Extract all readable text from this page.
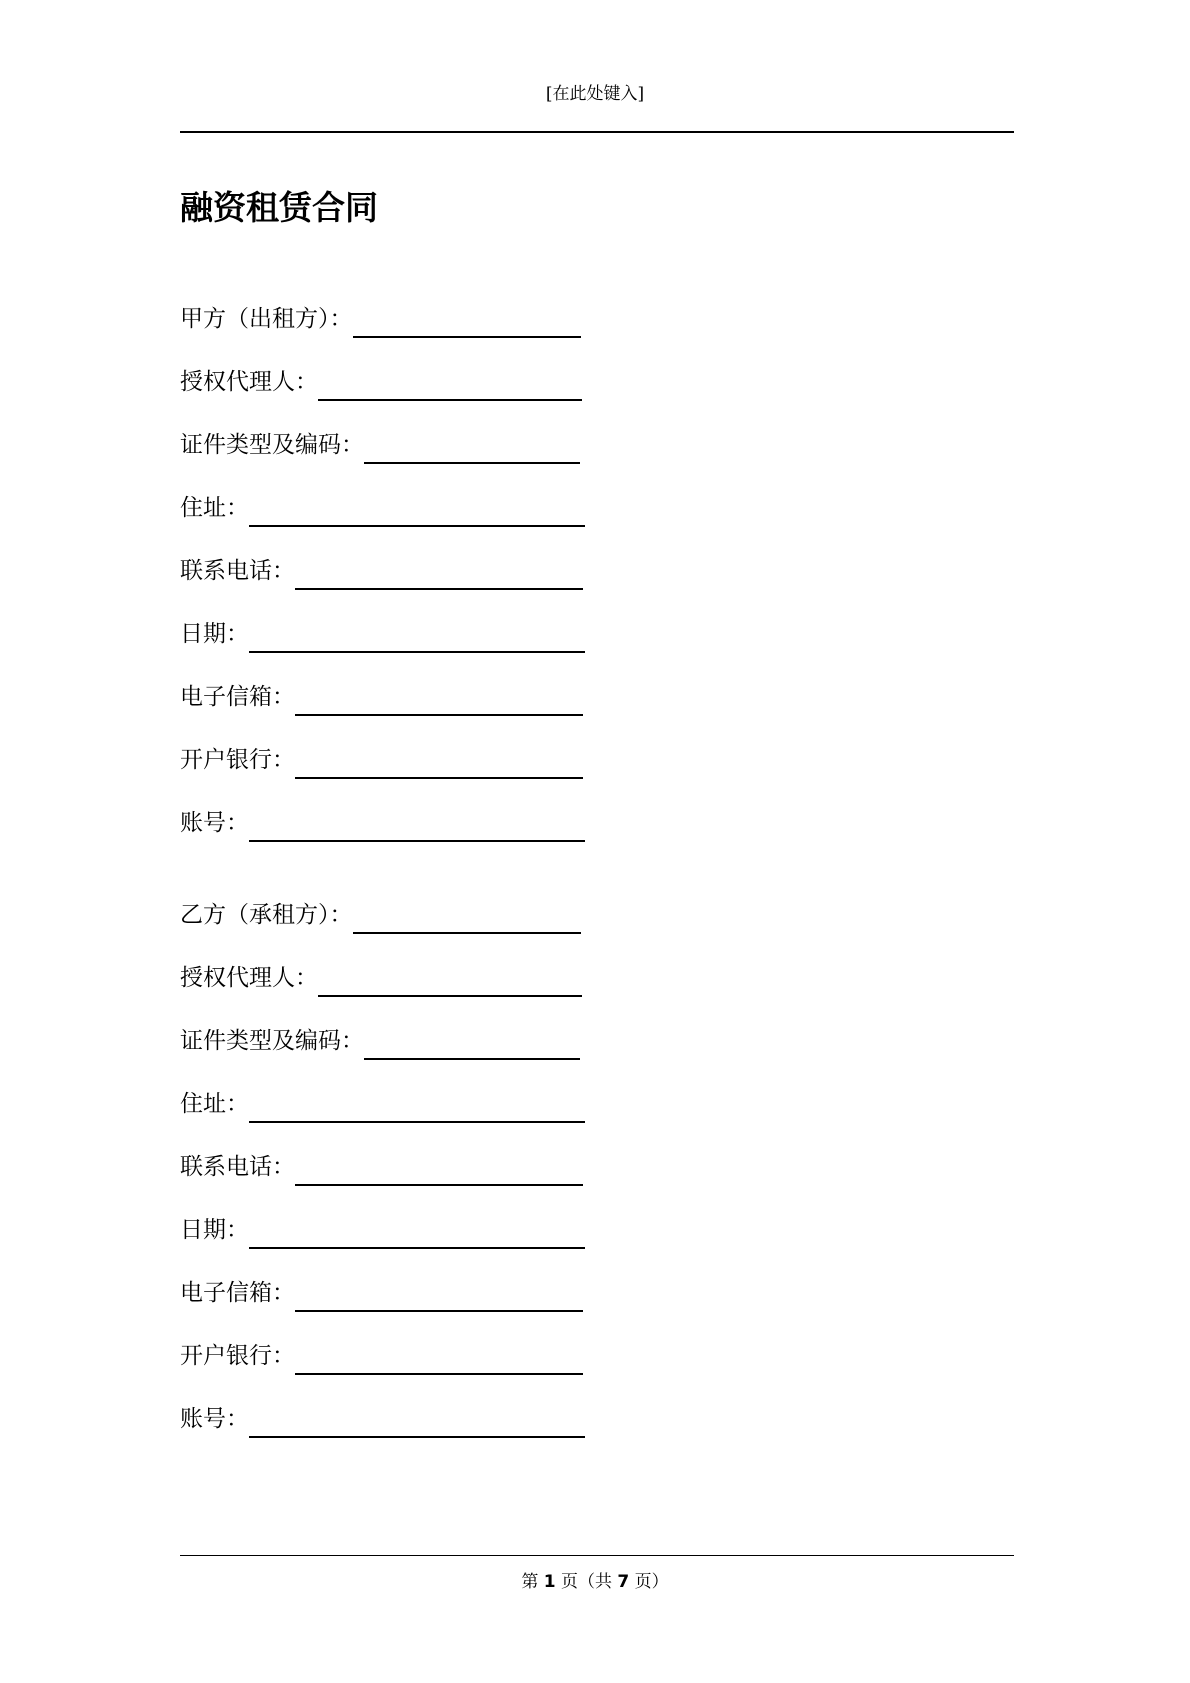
[在此处键入]
融资租赁合同
甲方（出租方）：
授权代理人：
证件类型及编码：
住址：
联系电话：
日期：
电子信箱：
开户银行：
账号：
乙方（承租方）：
授权代理人：
证件类型及编码：
住址：
联系电话：
日期：
电子信箱：
开户银行：
账号：
第 1 页（共 7 页）
